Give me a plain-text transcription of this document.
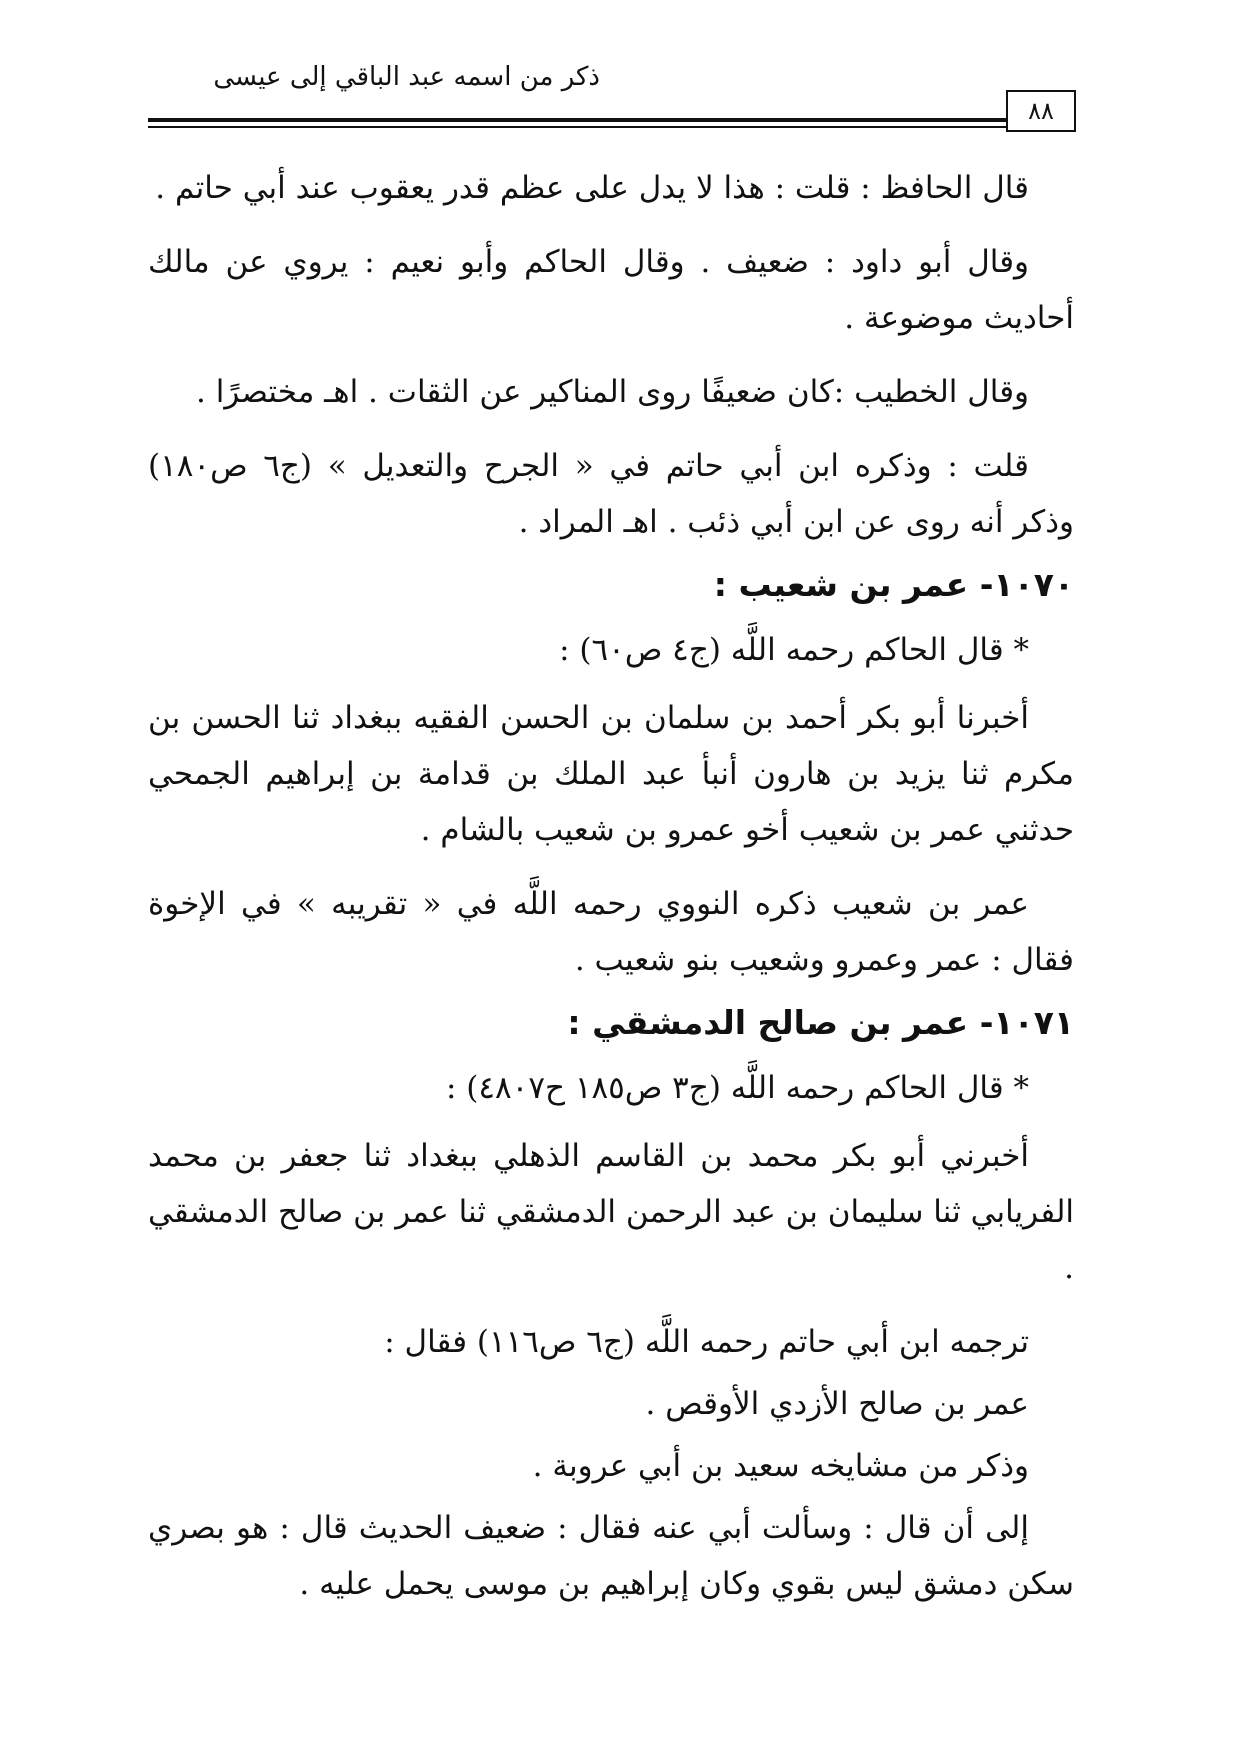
ذكر من اسمه عبد الباقي إلى عيسى
٨٨

قال الحافظ : قلت : هذا لا يدل على عظم قدر يعقوب عند أبي حاتم .

وقال أبو داود : ضعيف . وقال الحاكم وأبو نعيم : يروي عن مالك أحاديث موضوعة .

وقال الخطيب :كان ضعيفًا روى المناكير عن الثقات . اهـ مختصرًا .

قلت : وذكره ابن أبي حاتم في « الجرح والتعديل » (ج٦ ص١٨٠) وذكر أنه روى عن ابن أبي ذئب . اهـ المراد .

١٠٧٠- عمر بن شعيب :

* قال الحاكم رحمه اللَّه (ج٤ ص٦٠) :

أخبرنا أبو بكر أحمد بن سلمان بن الحسن الفقيه ببغداد ثنا الحسن بن مكرم ثنا يزيد بن هارون أنبأ عبد الملك بن قدامة بن إبراهيم الجمحي حدثني عمر بن شعيب أخو عمرو بن شعيب بالشام .

عمر بن شعيب ذكره النووي رحمه اللَّه في « تقريبه » في الإخوة فقال : عمر وعمرو وشعيب بنو شعيب .

١٠٧١- عمر بن صالح الدمشقي :

* قال الحاكم رحمه اللَّه (ج٣ ص١٨٥ ح٤٨٠٧) :

أخبرني أبو بكر محمد بن القاسم الذهلي ببغداد ثنا جعفر بن محمد الفريابي ثنا سليمان بن عبد الرحمن الدمشقي ثنا عمر بن صالح الدمشقي .

ترجمه ابن أبي حاتم رحمه اللَّه (ج٦ ص١١٦) فقال :

عمر بن صالح الأزدي الأوقص .

وذكر من مشايخه سعيد بن أبي عروبة .

إلى أن قال : وسألت أبي عنه فقال : ضعيف الحديث قال : هو بصري سكن دمشق ليس بقوي وكان إبراهيم بن موسى يحمل عليه .
